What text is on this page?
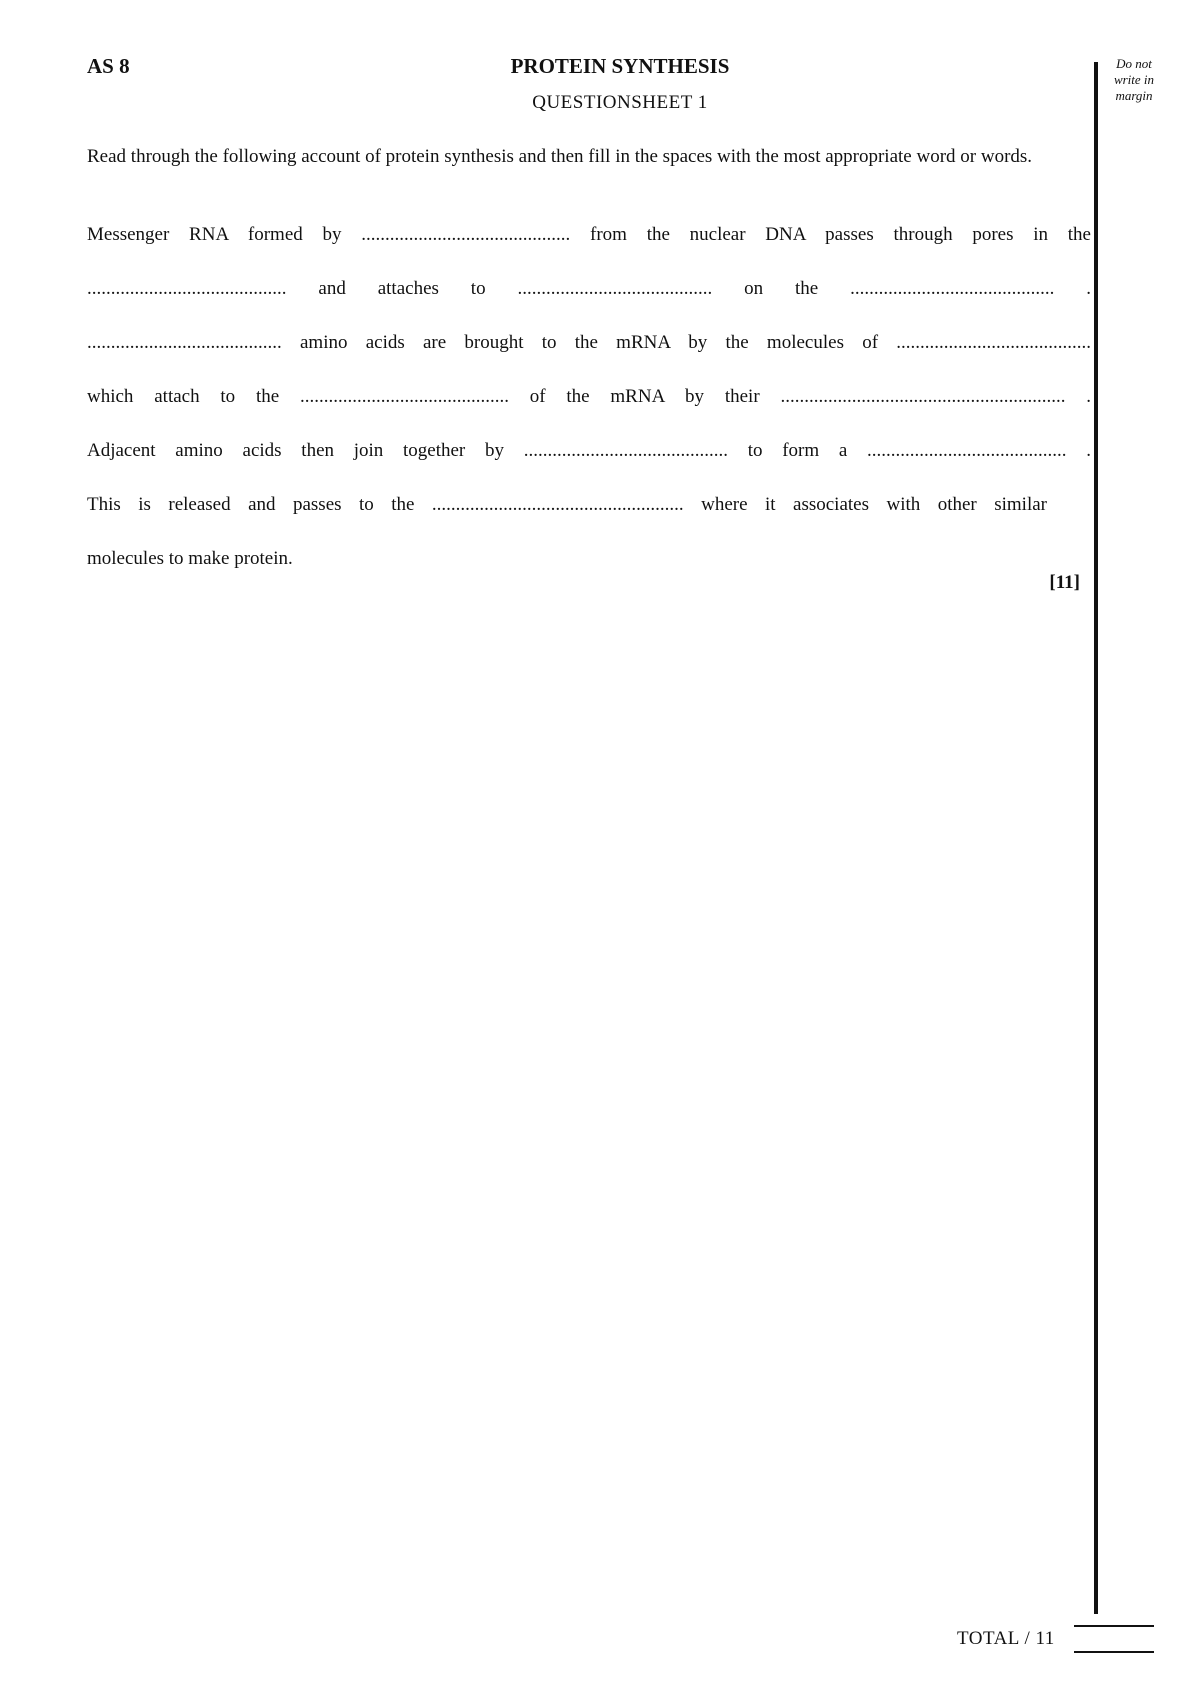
AS 8	PROTEIN SYNTHESIS
QUESTIONSHEET 1
Do not
write in
margin
Read through the following account of protein synthesis and then fill in the spaces with the most appropriate word or words.
Messenger RNA formed by ............................................ from the nuclear DNA passes through pores in the
.......................................... and attaches to ......................................... on the ........................................... .
......................................... amino acids are brought to the mRNA by the molecules of .........................................
which attach to the ............................................ of the mRNA by their ............................................................ .
Adjacent amino acids then join together by ........................................... to form a .......................................... .
This is released and passes to the ..................................................... where it associates with other similar
molecules to make protein.
[11]
TOTAL / 11
